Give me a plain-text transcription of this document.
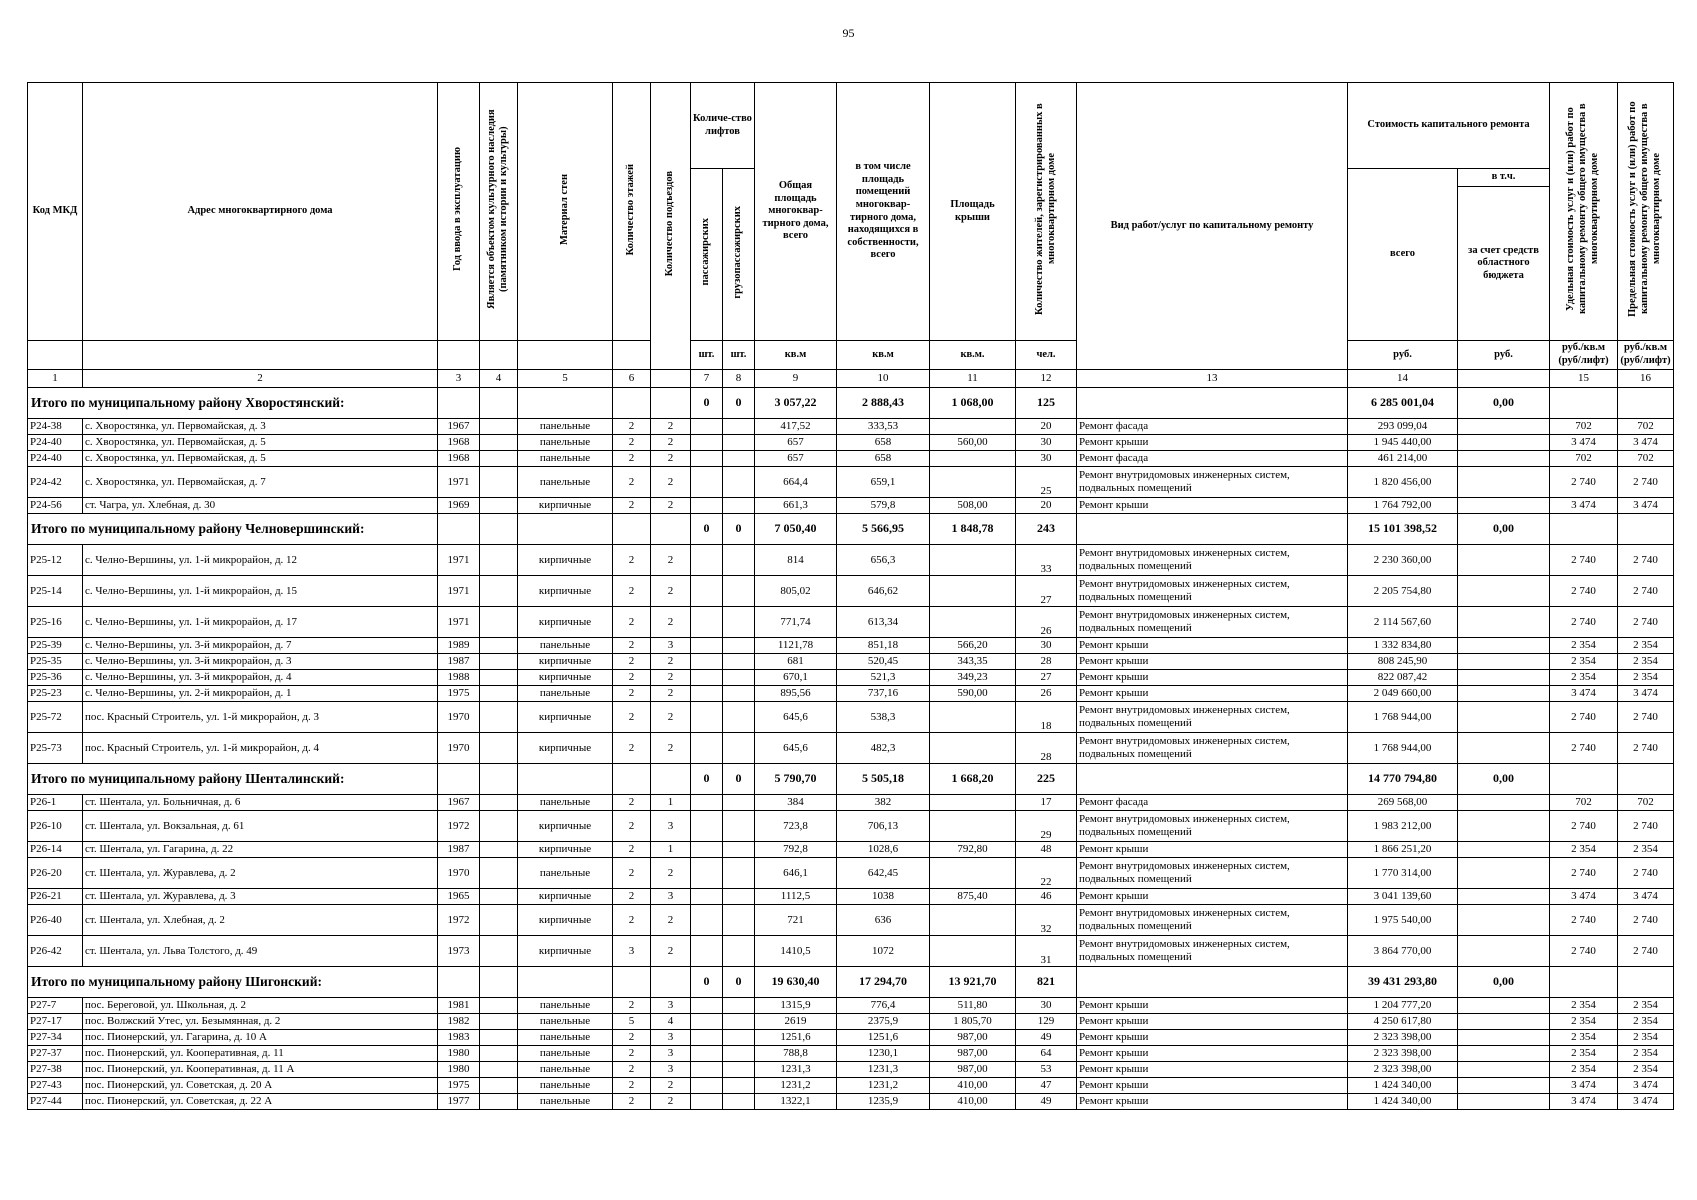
95
Код МКД	Адрес многоквартирного дома	Год ввода в эксплуатацию	Является объектом культурного наследия (памятником истории и культуры)	Материал стен	Количество этажей	Количество подъездов	Количе-ство лифтов		Общая площадь многоквар-тирного дома, всего	в том числе площадь помещений многоквар-тирного дома, находящихся в собственности, всего	Площадь крыши	Количество жителей, зарегистрированных в многоквартирном доме	Вид работ/услуг по капитальному ремонту	Стоимость капитального ремонта		Удельная стоимость услуг и (или) работ по капитальному ремонту общего имущества в многоквартирном доме	Предельная стоимость услуг и (или) работ по капитальному ремонту общего имущества в многоквартирном доме
							пассажирских	грузопассажирских						всего	в т.ч.		
															за счет средств областного бюджета		
							шт.	шт.	кв.м	кв.м	кв.м.	чел.		руб.	руб.	руб./кв.м (руб/лифт)	руб./кв.м (руб/лифт)
1	2	3	4	5	6		7	8	9	10	11	12	13	14		15	16
Итого по муниципальному району Хворостянский:							0	0	3 057,22	2 888,43	1 068,00	125		6 285 001,04	0,00		
Р24-38	с. Хворостянка, ул. Первомайская, д. 3	1967		панельные	2	2			417,52	333,53		20	Ремонт фасада	293 099,04		702	702
Р24-40	с. Хворостянка, ул. Первомайская, д. 5	1968		панельные	2	2			657	658	560,00	30	Ремонт крыши	1 945 440,00		3 474	3 474
Р24-40	с. Хворостянка, ул. Первомайская, д. 5	1968		панельные	2	2			657	658		30	Ремонт фасада	461 214,00		702	702
Р24-42	с. Хворостянка, ул. Первомайская, д. 7	1971		панельные	2	2			664,4	659,1		25	Ремонт внутридомовых инженерных систем, подвальных помещений	1 820 456,00		2 740	2 740
Р24-56	ст. Чагра, ул. Хлебная, д. 30	1969		кирпичные	2	2			661,3	579,8	508,00	20	Ремонт крыши	1 764 792,00		3 474	3 474
Итого по муниципальному району Челновершинский:							0	0	7 050,40	5 566,95	1 848,78	243		15 101 398,52	0,00		
Р25-12	с. Челно-Вершины, ул. 1-й микрорайон, д. 12	1971		кирпичные	2	2			814	656,3		33	Ремонт внутридомовых инженерных систем, подвальных помещений	2 230 360,00		2 740	2 740
Р25-14	с. Челно-Вершины, ул. 1-й микрорайон, д. 15	1971		кирпичные	2	2			805,02	646,62		27	Ремонт внутридомовых инженерных систем, подвальных помещений	2 205 754,80		2 740	2 740
Р25-16	с. Челно-Вершины, ул. 1-й микрорайон, д. 17	1971		кирпичные	2	2			771,74	613,34		26	Ремонт внутридомовых инженерных систем, подвальных помещений	2 114 567,60		2 740	2 740
Р25-39	с. Челно-Вершины, ул. 3-й микрорайон, д. 7	1989		панельные	2	3			1121,78	851,18	566,20	30	Ремонт крыши	1 332 834,80		2 354	2 354
Р25-35	с. Челно-Вершины, ул. 3-й микрорайон, д. 3	1987		кирпичные	2	2			681	520,45	343,35	28	Ремонт крыши	808 245,90		2 354	2 354
Р25-36	с. Челно-Вершины, ул. 3-й микрорайон, д. 4	1988		кирпичные	2	2			670,1	521,3	349,23	27	Ремонт крыши	822 087,42		2 354	2 354
Р25-23	с. Челно-Вершины, ул. 2-й микрорайон, д. 1	1975		панельные	2	2			895,56	737,16	590,00	26	Ремонт крыши	2 049 660,00		3 474	3 474
Р25-72	пос. Красный Строитель, ул. 1-й микрорайон, д. 3	1970		кирпичные	2	2			645,6	538,3		18	Ремонт внутридомовых инженерных систем, подвальных помещений	1 768 944,00		2 740	2 740
Р25-73	пос. Красный Строитель, ул. 1-й микрорайон, д. 4	1970		кирпичные	2	2			645,6	482,3		28	Ремонт внутридомовых инженерных систем, подвальных помещений	1 768 944,00		2 740	2 740
Итого по муниципальному району Шенталинский:							0	0	5 790,70	5 505,18	1 668,20	225		14 770 794,80	0,00		
Р26-1	ст. Шентала, ул. Больничная, д. 6	1967		панельные	2	1			384	382		17	Ремонт фасада	269 568,00		702	702
Р26-10	ст. Шентала, ул. Вокзальная, д. 61	1972		кирпичные	2	3			723,8	706,13		29	Ремонт внутридомовых инженерных систем, подвальных помещений	1 983 212,00		2 740	2 740
Р26-14	ст. Шентала, ул. Гагарина, д. 22	1987		кирпичные	2	1			792,8	1028,6	792,80	48	Ремонт крыши	1 866 251,20		2 354	2 354
Р26-20	ст. Шентала, ул. Журавлева, д. 2	1970		панельные	2	2			646,1	642,45		22	Ремонт внутридомовых инженерных систем, подвальных помещений	1 770 314,00		2 740	2 740
Р26-21	ст. Шентала, ул. Журавлева, д. 3	1965		кирпичные	2	3			1112,5	1038	875,40	46	Ремонт крыши	3 041 139,60		3 474	3 474
Р26-40	ст. Шентала, ул. Хлебная, д. 2	1972		кирпичные	2	2			721	636		32	Ремонт внутридомовых инженерных систем, подвальных помещений	1 975 540,00		2 740	2 740
Р26-42	ст. Шентала, ул. Льва Толстого, д. 49	1973		кирпичные	3	2			1410,5	1072		31	Ремонт внутридомовых инженерных систем, подвальных помещений	3 864 770,00		2 740	2 740
Итого по муниципальному району Шигонский:							0	0	19 630,40	17 294,70	13 921,70	821		39 431 293,80	0,00		
Р27-7	пос. Береговой, ул. Школьная, д. 2	1981		панельные	2	3			1315,9	776,4	511,80	30	Ремонт крыши	1 204 777,20		2 354	2 354
Р27-17	пос. Волжский Утес, ул. Безымянная, д. 2	1982		панельные	5	4			2619	2375,9	1 805,70	129	Ремонт крыши	4 250 617,80		2 354	2 354
Р27-34	пос. Пионерский, ул. Гагарина, д. 10 А	1983		панельные	2	3			1251,6	1251,6	987,00	49	Ремонт крыши	2 323 398,00		2 354	2 354
Р27-37	пос. Пионерский, ул. Кооперативная, д. 11	1980		панельные	2	3			788,8	1230,1	987,00	64	Ремонт крыши	2 323 398,00		2 354	2 354
Р27-38	пос. Пионерский, ул. Кооперативная, д. 11 А	1980		панельные	2	3			1231,3	1231,3	987,00	53	Ремонт крыши	2 323 398,00		2 354	2 354
Р27-43	пос. Пионерский, ул. Советская, д. 20 А	1975		панельные	2	2			1231,2	1231,2	410,00	47	Ремонт крыши	1 424 340,00		3 474	3 474
Р27-44	пос. Пионерский, ул. Советская, д. 22 А	1977		панельные	2	2			1322,1	1235,9	410,00	49	Ремонт крыши	1 424 340,00		3 474	3 474
